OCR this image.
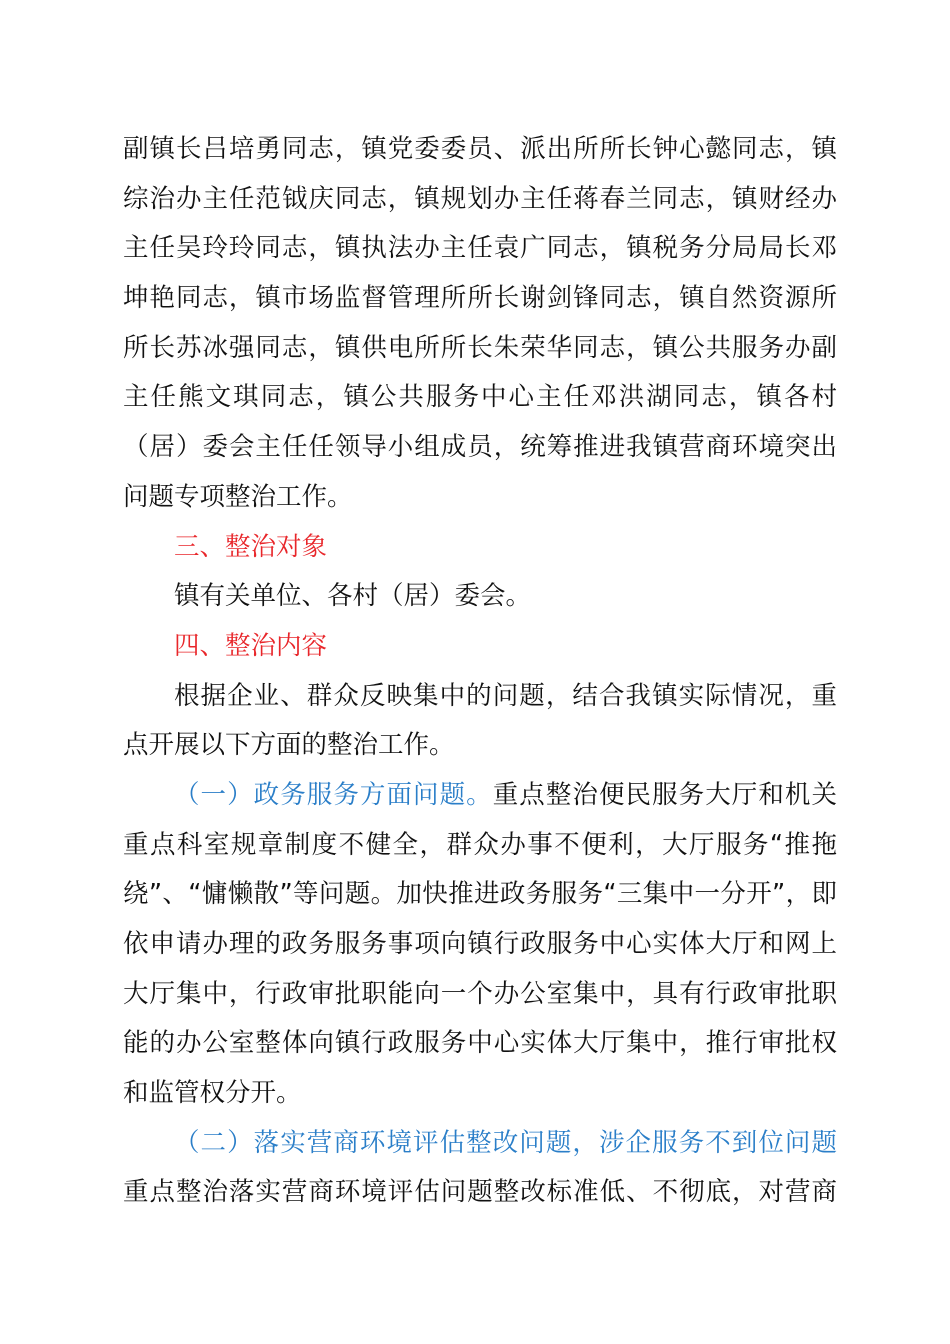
副镇长吕培勇同志，镇党委委员、派出所所长钟心懿同志，镇
综治办主任范钺庆同志，镇规划办主任蒋春兰同志，镇财经办
主任吴玲玲同志，镇执法办主任袁广同志，镇税务分局局长邓
坤艳同志，镇市场监督管理所所长谢剑锋同志，镇自然资源所
所长苏冰强同志，镇供电所所长朱荣华同志，镇公共服务办副
主任熊文琪同志，镇公共服务中心主任邓洪湖同志，镇各村
（居）委会主任任领导小组成员，统筹推进我镇营商环境突出
问题专项整治工作。
三、整治对象
镇有关单位、各村（居）委会。
四、整治内容
根据企业、群众反映集中的问题，结合我镇实际情况，重
点开展以下方面的整治工作。
（一）政务服务方面问题。重点整治便民服务大厅和机关
重点科室规章制度不健全，群众办事不便利，大厅服务“推拖
绕”、“慵懒散”等问题。加快推进政务服务“三集中一分开”，即
依申请办理的政务服务事项向镇行政服务中心实体大厅和网上
大厅集中，行政审批职能向一个办公室集中，具有行政审批职
能的办公室整体向镇行政服务中心实体大厅集中，推行审批权
和监管权分开。
（二）落实营商环境评估整改问题，涉企服务不到位问题
重点整治落实营商环境评估问题整改标准低、不彻底，对营商
